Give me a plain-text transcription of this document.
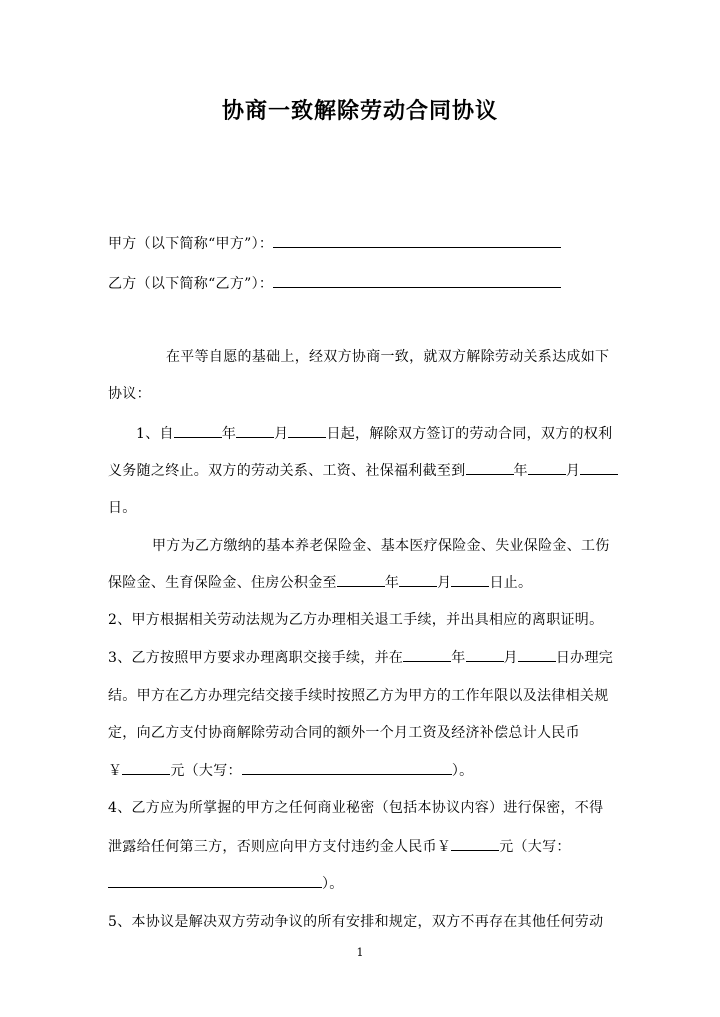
协商一致解除劳动合同协议
甲方（以下简称“甲方”）：
乙方（以下简称“乙方”）：
在平等自愿的基础上，经双方协商一致，就双方解除劳动关系达成如下
协议：
1、自	年	月	日起，解除双方签订的劳动合同，双方的权利
义务随之终止。双方的劳动关系、工资、社保福利截至到	年	月
日。
甲方为乙方缴纳的基本养老保险金、基本医疗保险金、失业保险金、工伤
保险金、生育保险金、住房公积金至	年	月	日止。
2、甲方根据相关劳动法规为乙方办理相关退工手续，并出具相应的离职证明。
3、乙方按照甲方要求办理离职交接手续，并在	年	月	日办理完
结。甲方在乙方办理完结交接手续时按照乙方为甲方的工作年限以及法律相关规
定，向乙方支付协商解除劳动合同的额外一个月工资及经济补偿总计人民币
￥	元（大写：	）。
4、乙方应为所掌握的甲方之任何商业秘密（包括本协议内容）进行保密，不得
泄露给任何第三方，否则应向甲方支付违约金人民币￥	元（大写：
）。
5、本协议是解决双方劳动争议的所有安排和规定，双方不再存在其他任何劳动
1
